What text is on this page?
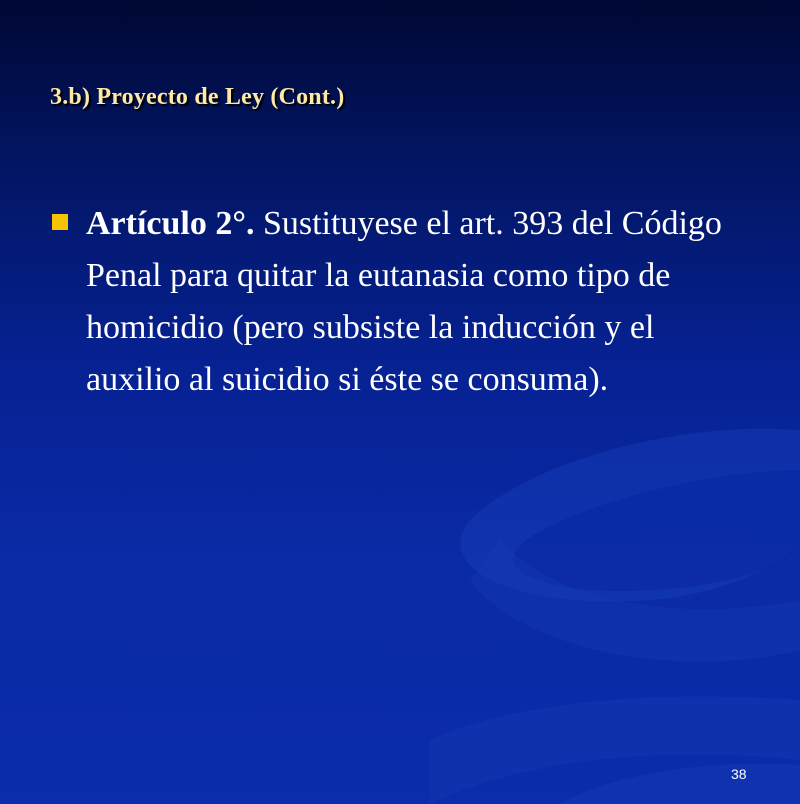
3.b) Proyecto de Ley (Cont.)

Artículo 2°. Sustituyese el art. 393 del Código Penal para quitar la eutanasia como tipo de homicidio (pero subsiste la inducción y el auxilio al suicidio si éste se consuma).

38
